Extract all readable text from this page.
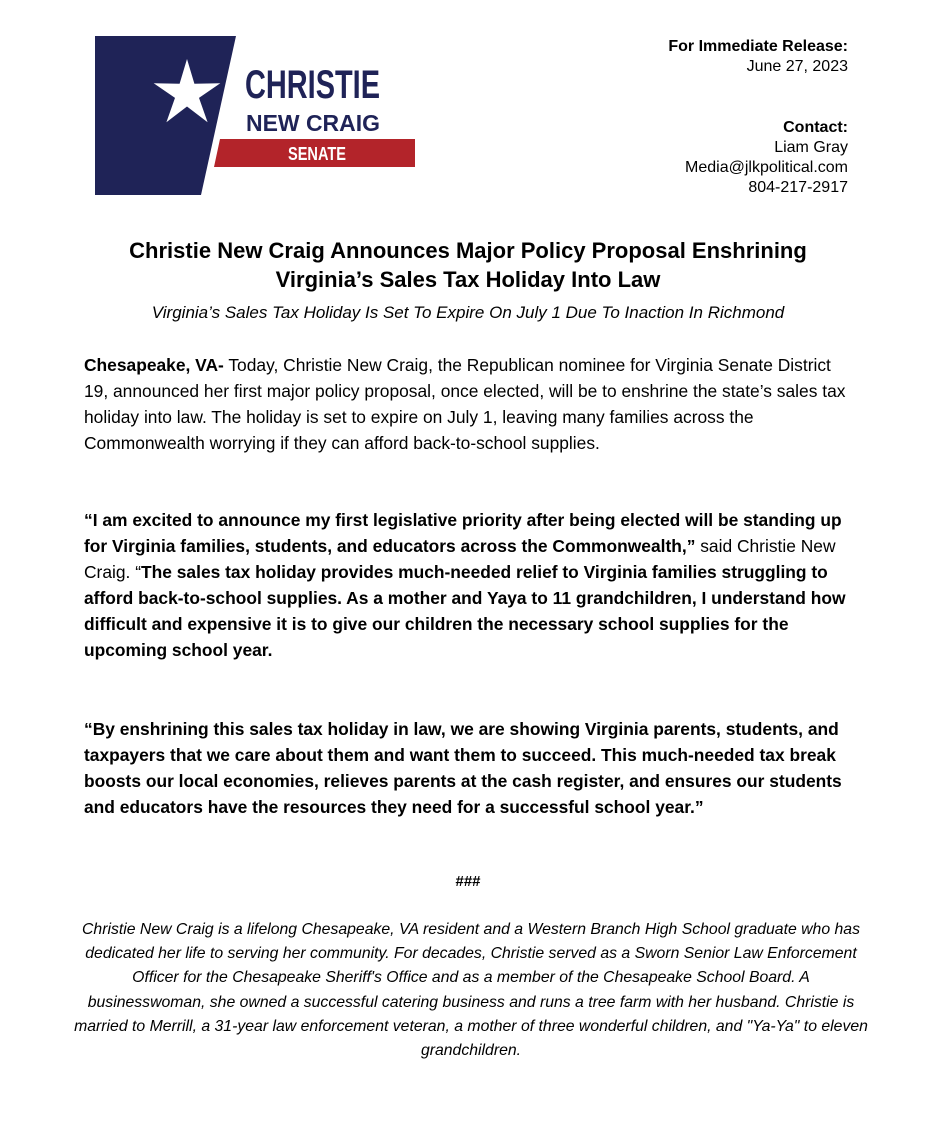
CHRISTIE
NEW CRAIG
SENATE
For Immediate Release:
June 27, 2023
Contact:
Liam Gray
Media@jlkpolitical.com
804-217-2917
Christie New Craig Announces Major Policy Proposal Enshrining
Virginia’s Sales Tax Holiday Into Law

Virginia’s Sales Tax Holiday Is Set To Expire On July 1 Due To Inaction In Richmond

Chesapeake, VA- Today, Christie New Craig, the Republican nominee for Virginia Senate District 19, announced her first major policy proposal, once elected, will be to enshrine the state’s sales tax holiday into law. The holiday is set to expire on July 1, leaving many families across the Commonwealth worrying if they can afford back-to-school supplies.

“I am excited to announce my first legislative priority after being elected will be standing up for Virginia families, students, and educators across the Commonwealth,” said Christie New Craig. “The sales tax holiday provides much-needed relief to Virginia families struggling to afford back-to-school supplies. As a mother and Yaya to 11 grandchildren, I understand how difficult and expensive it is to give our children the necessary school supplies for the upcoming school year.

“By enshrining this sales tax holiday in law, we are showing Virginia parents, students, and taxpayers that we care about them and want them to succeed. This much-needed tax break boosts our local economies, relieves parents at the cash register, and ensures our students and educators have the resources they need for a successful school year.”

###

Christie New Craig is a lifelong Chesapeake, VA resident and a Western Branch High School graduate who has dedicated her life to serving her community. For decades, Christie served as a Sworn Senior Law Enforcement Officer for the Chesapeake Sheriff's Office and as a member of the Chesapeake School Board. A businesswoman, she owned a successful catering business and runs a tree farm with her husband. Christie is married to Merrill, a 31-year law enforcement veteran, a mother of three wonderful children, and "Ya-Ya" to eleven grandchildren.
